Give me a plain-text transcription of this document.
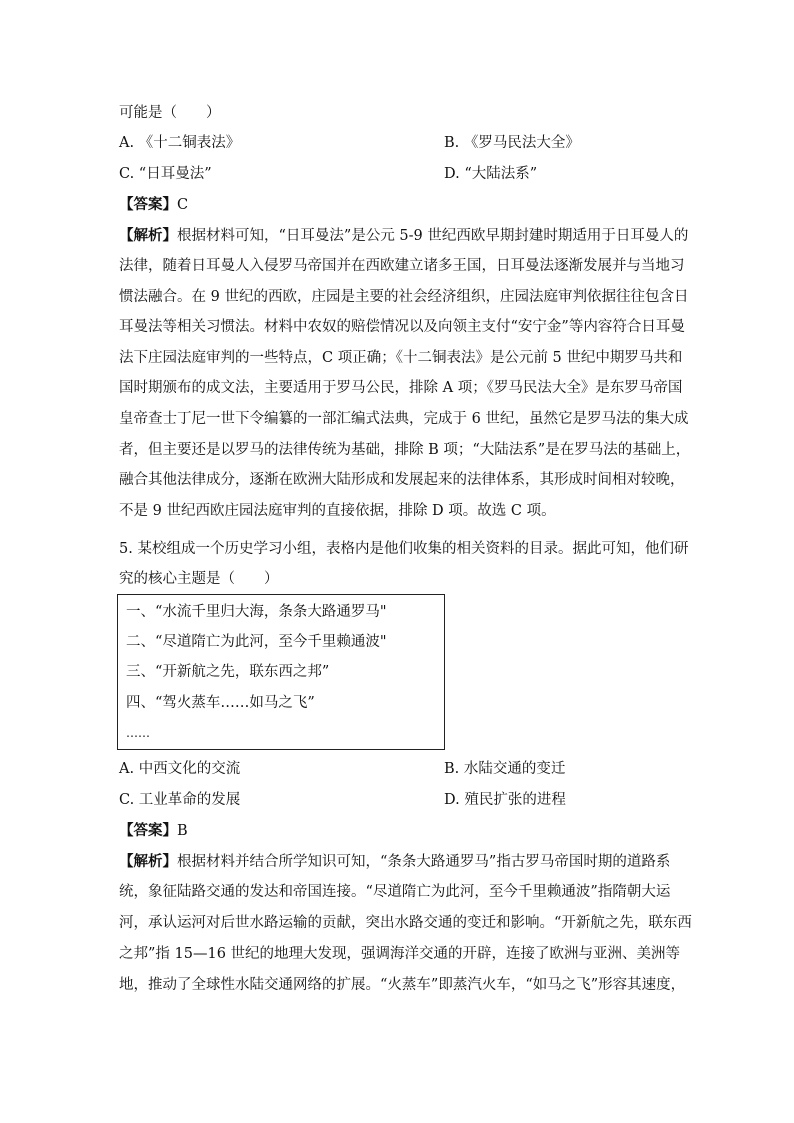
可能是（　　）
A. 《十二铜表法》	B. 《罗马民法大全》
C. “日耳曼法”	D. “大陆法系”
【答案】C
【解析】根据材料可知，“日耳曼法”是公元 5-9 世纪西欧早期封建时期适用于日耳曼人的
法律，随着日耳曼人入侵罗马帝国并在西欧建立诸多王国，日耳曼法逐渐发展并与当地习
惯法融合。在 9 世纪的西欧，庄园是主要的社会经济组织，庄园法庭审判依据往往包含日
耳曼法等相关习惯法。材料中农奴的赔偿情况以及向领主支付“安宁金”等内容符合日耳曼
法下庄园法庭审判的一些特点，C 项正确；《十二铜表法》是公元前 5 世纪中期罗马共和
国时期颁布的成文法，主要适用于罗马公民，排除 A 项；《罗马民法大全》是东罗马帝国
皇帝查士丁尼一世下令编纂的一部汇编式法典，完成于 6 世纪，虽然它是罗马法的集大成
者，但主要还是以罗马的法律传统为基础，排除 B 项；“大陆法系”是在罗马法的基础上，
融合其他法律成分，逐渐在欧洲大陆形成和发展起来的法律体系，其形成时间相对较晚，
不是 9 世纪西欧庄园法庭审判的直接依据，排除 D 项。故选 C 项。
5. 某校组成一个历史学习小组，表格内是他们收集的相关资料的目录。据此可知，他们研
究的核心主题是（　　）
一、“水流千里归大海，条条大路通罗马"
二、“尽道隋亡为此河，至今千里赖通波"
三、“开新航之先，联东西之邦”
四、“驾火蒸车……如马之飞”
……
A. 中西文化的交流	B. 水陆交通的变迁
C. 工业革命的发展	D. 殖民扩张的进程
【答案】B
【解析】根据材料并结合所学知识可知，“条条大路通罗马”指古罗马帝国时期的道路系
统，象征陆路交通的发达和帝国连接。“尽道隋亡为此河，至今千里赖通波”指隋朝大运
河，承认运河对后世水路运输的贡献，突出水路交通的变迁和影响。“开新航之先，联东西
之邦”指 15—16 世纪的地理大发现，强调海洋交通的开辟，连接了欧洲与亚洲、美洲等
地，推动了全球性水陆交通网络的扩展。“火蒸车”即蒸汽火车，“如马之飞”形容其速度，
